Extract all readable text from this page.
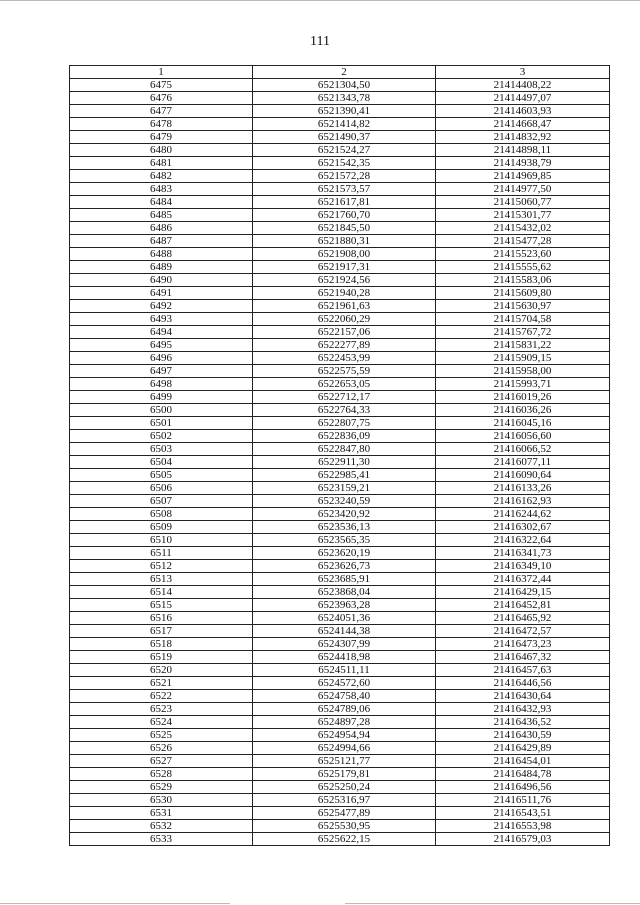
111
1	2	3
6475	6521304,50	21414408,22
6476	6521343,78	21414497,07
6477	6521390,41	21414603,93
6478	6521414,82	21414668,47
6479	6521490,37	21414832,92
6480	6521524,27	21414898,11
6481	6521542,35	21414938,79
6482	6521572,28	21414969,85
6483	6521573,57	21414977,50
6484	6521617,81	21415060,77
6485	6521760,70	21415301,77
6486	6521845,50	21415432,02
6487	6521880,31	21415477,28
6488	6521908,00	21415523,60
6489	6521917,31	21415555,62
6490	6521924,56	21415583,06
6491	6521940,28	21415609,80
6492	6521961,63	21415630,97
6493	6522060,29	21415704,58
6494	6522157,06	21415767,72
6495	6522277,89	21415831,22
6496	6522453,99	21415909,15
6497	6522575,59	21415958,00
6498	6522653,05	21415993,71
6499	6522712,17	21416019,26
6500	6522764,33	21416036,26
6501	6522807,75	21416045,16
6502	6522836,09	21416056,60
6503	6522847,80	21416066,52
6504	6522911,30	21416077,11
6505	6522985,41	21416090,64
6506	6523159,21	21416133,26
6507	6523240,59	21416162,93
6508	6523420,92	21416244,62
6509	6523536,13	21416302,67
6510	6523565,35	21416322,64
6511	6523620,19	21416341,73
6512	6523626,73	21416349,10
6513	6523685,91	21416372,44
6514	6523868,04	21416429,15
6515	6523963,28	21416452,81
6516	6524051,36	21416465,92
6517	6524144,38	21416472,57
6518	6524307,99	21416473,23
6519	6524418,98	21416467,32
6520	6524511,11	21416457,63
6521	6524572,60	21416446,56
6522	6524758,40	21416430,64
6523	6524789,06	21416432,93
6524	6524897,28	21416436,52
6525	6524954,94	21416430,59
6526	6524994,66	21416429,89
6527	6525121,77	21416454,01
6528	6525179,81	21416484,78
6529	6525250,24	21416496,56
6530	6525316,97	21416511,76
6531	6525477,89	21416543,51
6532	6525530,95	21416553,98
6533	6525622,15	21416579,03
